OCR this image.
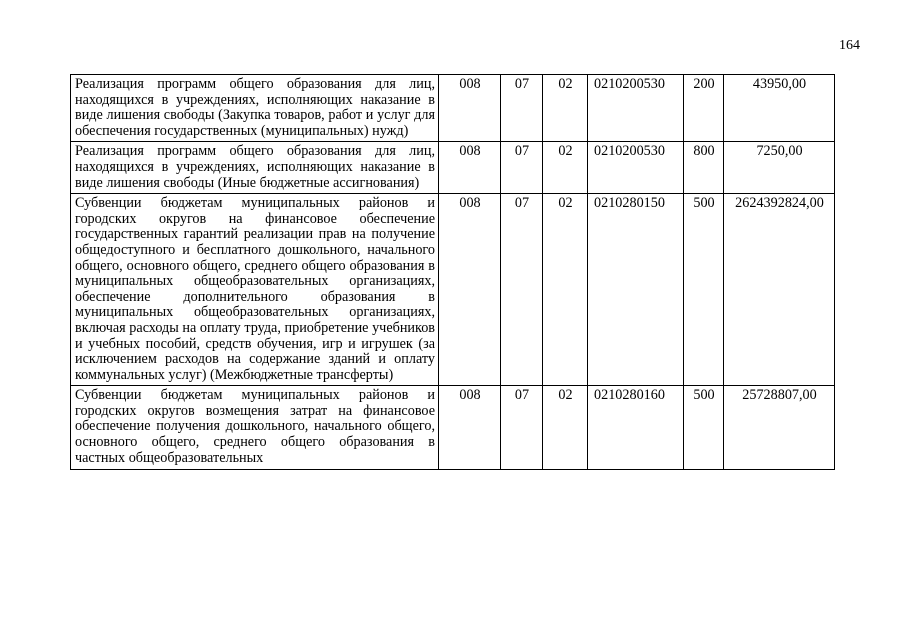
164
Реализация программ общего образования для лиц, находящихся в учреждениях, исполняющих наказание в виде лишения свободы (Закупка товаров, работ и услуг для обеспечения государственных (муниципальных) нужд)	008	07	02	0210200530	200	43950,00
Реализация программ общего образования для лиц, находящихся в учреждениях, исполняющих наказание в виде лишения свободы (Иные бюджетные ассигнования)	008	07	02	0210200530	800	7250,00
Субвенции бюджетам муниципальных районов и городских округов на финансовое обеспечение государственных гарантий реализации прав на получение общедоступного и бесплатного дошкольного, начального общего, основного общего, среднего общего образования в муниципальных общеобразовательных организациях, обеспечение дополнительного образования в муниципальных общеобразовательных организациях, включая расходы на оплату труда, приобретение учебников и учебных пособий, средств обучения, игр и игрушек (за исключением расходов на содержание зданий и оплату коммунальных услуг) (Межбюджетные трансферты)	008	07	02	0210280150	500	2624392824,00

Субвенции бюджетам муниципальных районов и городских округов возмещения затрат на финансовое обеспечение получения дошкольного, начального общего, основного общего, среднего общего образования в частных общеобразовательных	008	07	02	0210280160	500	25728807,00
